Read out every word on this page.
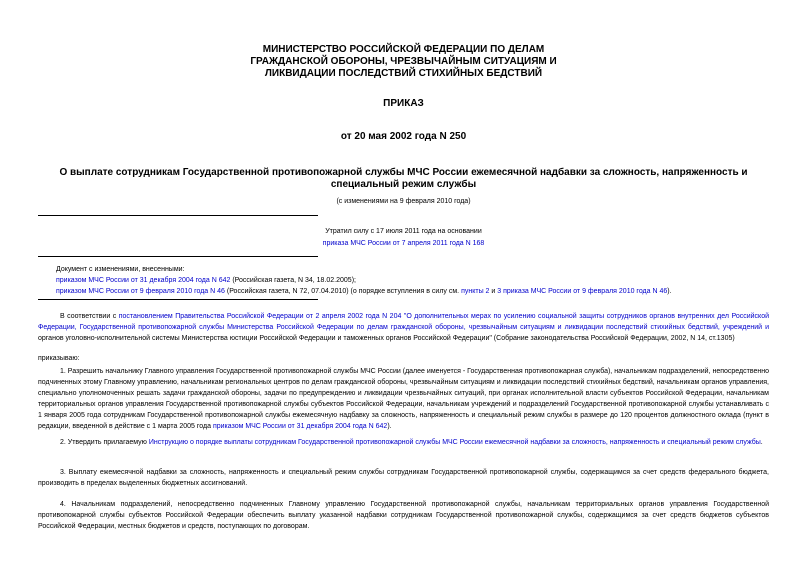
МИНИСТЕРСТВО РОССИЙСКОЙ ФЕДЕРАЦИИ ПО ДЕЛАМ
ГРАЖДАНСКОЙ ОБОРОНЫ, ЧРЕЗВЫЧАЙНЫМ СИТУАЦИЯМ И
ЛИКВИДАЦИИ ПОСЛЕДСТВИЙ СТИХИЙНЫХ БЕДСТВИЙ
ПРИКАЗ
от 20 мая 2002 года N 250
О выплате сотрудникам Государственной противопожарной службы МЧС России ежемесячной надбавки за сложность, напряженность и специальный режим службы
(с изменениями на 9 февраля 2010 года)
Утратил силу с 17 июля 2011 года на основании
приказа МЧС России от 7 апреля 2011 года N 168
Документ с изменениями, внесенными:
приказом МЧС России от 31 декабря 2004 года N 642 (Российская газета, N 34, 18.02.2005);
приказом МЧС России от 9 февраля 2010 года N 46 (Российская газета, N 72, 07.04.2010) (о порядке вступления в силу см. пункты 2 и 3 приказа МЧС России от 9 февраля 2010 года N 46).
В соответствии с постановлением Правительства Российской Федерации от 2 апреля 2002 года N 204 "О дополнительных мерах по усилению социальной защиты сотрудников органов внутренних дел Российской Федерации, Государственной противопожарной службы Министерства Российской Федерации по делам гражданской обороны, чрезвычайным ситуациям и ликвидации последствий стихийных бедствий, учреждений и органов уголовно-исполнительной системы Министерства юстиции Российской Федерации и таможенных органов Российской Федерации" (Собрание законодательства Российской Федерации, 2002, N 14, ст.1305)
приказываю:
1. Разрешить начальнику Главного управления Государственной противопожарной службы МЧС России (далее именуется - Государственная противопожарная служба), начальникам подразделений, непосредственно подчиненных этому Главному управлению, начальникам региональных центров по делам гражданской обороны, чрезвычайным ситуациям и ликвидации последствий стихийных бедствий, начальникам органов управления, специально уполномоченных решать задачи гражданской обороны, задачи по предупреждению и ликвидации чрезвычайных ситуаций, при органах исполнительной власти субъектов Российской Федерации, начальникам территориальных органов управления Государственной противопожарной службы субъектов Российской Федерации, начальникам учреждений и подразделений Государственной противопожарной службы устанавливать с 1 января 2005 года сотрудникам Государственной противопожарной службы ежемесячную надбавку за сложность, напряженность и специальный режим службы в размере до 120 процентов должностного оклада (пункт в редакции, введенной в действие с 1 марта 2005 года приказом МЧС России от 31 декабря 2004 года N 642).
2. Утвердить прилагаемую Инструкцию о порядке выплаты сотрудникам Государственной противопожарной службы МЧС России ежемесячной надбавки за сложность, напряженность и специальный режим службы.
3. Выплату ежемесячной надбавки за сложность, напряженность и специальный режим службы сотрудникам Государственной противопожарной службы, содержащимся за счет средств федерального бюджета, производить в пределах выделенных бюджетных ассигнований.
4. Начальникам подразделений, непосредственно подчиненных Главному управлению Государственной противопожарной службы, начальникам территориальных органов управления Государственной противопожарной службы субъектов Российской Федерации обеспечить выплату указанной надбавки сотрудникам Государственной противопожарной службы, содержащимся за счет средств бюджетов субъектов Российской Федерации, местных бюджетов и средств, поступающих по договорам.
